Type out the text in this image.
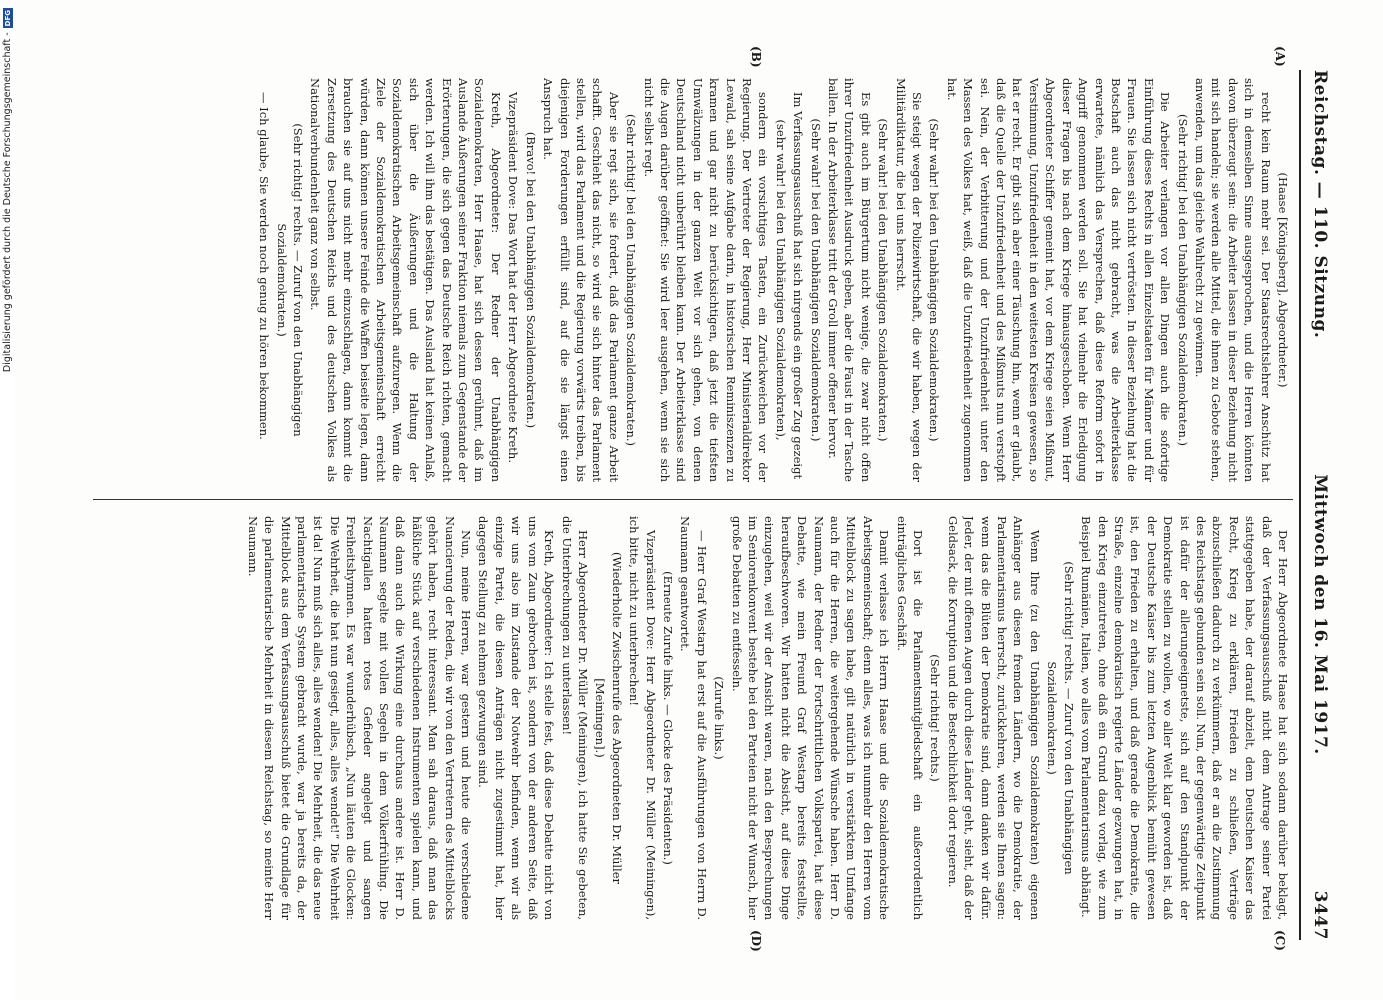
Reichstag. — 110. Sitzung.
Mittwoch den 16. Mai 1917.
3447
(A)
(B)
(C)
(D)

(Haase [Königsberg], Abgeordneter.)

recht kein Raum mehr sei. Der Staatsrechtslehrer Anschütz hat sich in demselben Sinne ausgesprochen, und die Herren könnten davon überzeugt sein: die Arbeiter lassen in dieser Beziehung nicht mit sich handeln; sie werden alle Mittel, die ihnen zu Gebote stehen, anwenden, um das gleiche Wahlrecht zu gewinnen.

(Sehr richtig! bei den Unabhängigen Sozialdemokraten.)

Die Arbeiter verlangen vor allen Dingen auch die sofortige Einführung dieses Rechts in allen Einzelstaaten für Männer und für Frauen. Sie lassen sich nicht vertrösten. In dieser Beziehung hat die Botschaft auch das nicht gebracht, was die Arbeiterklasse erwartete, nämlich das Versprechen, daß diese Reform sofort in Angriff genommen werden soll. Sie hat vielmehr die Erledigung dieser Fragen bis nach dem Kriege hinausgeschoben. Wenn Herr Abgeordneter Schiffer gemeint hat, vor dem Kriege seien Mißmut, Verstimmung, Unzufriedenheit in den weitesten Kreisen gewesen, so hat er recht. Er gibt sich aber einer Täuschung hin, wenn er glaubt, daß die Quelle der Unzufriedenheit und des Mißmuts nun verstopft sei. Nein, der Verbitterung und der Unzufriedenheit unter den Massen des Volkes hat, weiß, daß die Unzufriedenheit zugenommen hat.

(Sehr wahr! bei den Unabhängigen Sozialdemokraten.)

Sie steigt wegen der Polizeiwirtschaft, die wir haben, wegen der Militärdiktatur, die bei uns herrscht.

(Sehr wahr! bei den Unabhängigen Sozialdemokraten.)

Es gibt auch im Bürgertum nicht wenige, die zwar nicht offen ihrer Unzufriedenheit Ausdruck geben, aber die Faust in der Tasche ballen. In der Arbeiterklasse tritt der Groll immer offener hervor.

(Sehr wahr! bei den Unabhängigen Sozialdemokraten.)

Im Verfassungsausschuß hat sich nirgends ein großer Zug gezeigt

(sehr wahr! bei den Unabhängigen Sozialdemokraten),

sondern ein vorsichtiges Tasten, ein Zurückweichen vor der Regierung. Der Vertreter der Regierung, Herr Ministerialdirektor Lewald, sah seine Aufgabe darin, in historischen Reminiszenzen zu kramen und gar nicht zu berücksichtigen, daß jetzt die tiefsten Umwälzungen in der ganzen Welt vor sich gehen, von denen Deutschland nicht unberührt bleiben kann. Der Arbeiterklasse sind die Augen darüber geöffnet: Sie wird leer ausgehen, wenn sie sich nicht selbst regt.

(Sehr richtig! bei den Unabhängigen Sozialdemokraten.)

Aber sie regt sich, sie fordert, daß das Parlament ganze Arbeit schafft. Geschieht das nicht, so wird sie sich hinter das Parlament stellen, wird das Parlament und die Regierung vorwärts treiben, bis diejenigen Forderungen erfüllt sind, auf die sie längst einen Anspruch hat.

(Bravo! bei den Unabhängigen Sozialdemokraten.)

Vizepräsident Dove: Das Wort hat der Herr Abgeordnete Kreth.

Kreth, Abgeordneter: Der Redner der Unabhängigen Sozialdemokraten, Herr Haase, hat sich dessen gerühmt, daß im Auslande Äußerungen seiner Fraktion niemals zum Gegenstande der Erörterungen, die sich gegen das Deutsche Reich richten, gemacht werden. Ich will ihm das bestätigen. Das Ausland hat keinen Anlaß, sich über die Äußerungen und die Haltung der Sozialdemokratischen Arbeitsgemeinschaft aufzuregen. Wenn die Ziele der Sozialdemokratischen Arbeitsgemeinschaft erreicht würden, dann können unsere Feinde die Waffen beiseite legen, dann brauchen sie auf uns nicht mehr einzuschlagen, dann kommt die Zersetzung des Deutschen Reichs und des deutschen Volkes als Nationalverbundenheit ganz von selbst.

(Sehr richtig! rechts. — Zuruf von den Unabhängigen Sozialdemokraten.)

— Ich glaube, Sie werden noch genug zu hören bekommen.

Der Herr Abgeordnete Haase hat sich sodann darüber beklagt, daß der Verfassungsausschuß nicht dem Antrage seiner Partei stattgegeben habe, der darauf abzielt, dem Deutschen Kaiser das Recht, Krieg zu erklären, Frieden zu schließen, Verträge abzuschließen dadurch zu verkümmern, daß er an die Zustimmung des Reichstags gebunden sein soll. Nun, der gegenwärtige Zeitpunkt ist dafür der allerungeeignetste, sich auf den Standpunkt der Demokratie stellen zu wollen, wo aller Welt klar geworden ist, daß der Deutsche Kaiser bis zum letzten Augenblick bemüht gewesen ist, den Frieden zu erhalten, und daß gerade die Demokratie, die Straße, einzelne demokratisch regierte Länder gezwungen hat, in den Krieg einzutreten, ohne daß ein Grund dazu vorlag, wie zum Beispiel Rumänien, Italien, wo alles vom Parlamentarismus abhängt.

(Sehr richtig! rechts. — Zuruf von den Unabhängigen Sozialdemokraten.)

Wenn Ihre (zu den Unabhängigen Sozialdemokraten) eigenen Anhänger aus diesen fremden Ländern, wo die Demokratie, der Parlamentarismus herrscht, zurückkehren, werden sie Ihnen sagen: wenn das die Blüten der Demokratie sind, dann danken wir dafür. Jeder, der mit offenen Augen durch diese Länder geht, sieht, daß der Geldsack, die Korruption und die Bestechlichkeit dort regieren.

(Sehr richtig! rechts.)

Dort ist die Parlamentsmitgliedschaft ein außerordentlich einträgliches Geschäft.

Damit verlasse ich Herrn Haase und die Sozialdemokratische Arbeitsgemeinschaft; denn alles, was ich nunmehr den Herren vom Mittelblock zu sagen habe, gilt natürlich in verstärktem Umfange auch für die Herren, die weitergehende Wünsche haben. Herr D. Naumann, der Redner der Fortschrittlichen Volkspartei, hat diese Debatte, wie mein Freund Graf Westarp bereits feststellte, heraufbeschworen. Wir hatten nicht die Absicht, auf diese Dinge einzugehen, weil wir der Ansicht waren, nach den Besprechungen im Seniorenkonvent bestehe bei den Parteien nicht der Wunsch, hier große Debatten zu entfesseln.

(Zurufe links.)

— Herr Graf Westarp hat erst auf die Ausführungen von Herrn D. Naumann geantwortet.

(Erneute Zurufe links. — Glocke des Präsidenten.)

Vizepräsident Dove: Herr Abgeordneter Dr. Müller (Meiningen), ich bitte, nicht zu unterbrechen!

(Wiederholte Zwischenrufe des Abgeordneten Dr. Müller [Meiningen].)

Herr Abgeordneter Dr. Müller (Meiningen), ich hatte Sie gebeten, die Unterbrechungen zu unterlassen!

Kreth, Abgeordneter: Ich stelle fest, daß diese Debatte nicht von uns vom Zaun gebrochen ist, sondern von der anderen Seite, daß wir uns also im Zustande der Notwehr befinden, wenn wir als einzige Partei, die diesen Anträgen nicht zugestimmt hat, hier dagegen Stellung zu nehmen gezwungen sind.

Nun, meine Herren, war gestern und heute die verschiedene Nuancierung der Reden, die wir von den Vertretern des Mittelblocks gehört haben, recht interessant. Man sah daraus, daß man das häßliche Stück auf verschiedenen Instrumenten spielen kann, und daß dann auch die Wirkung eine durchaus andere ist. Herr D. Naumann segelte mit vollen Segeln in dem Völkerfrühling. Die Nachtigallen hatten rotes Gefieder angelegt und sangen Freiheitshymnen. Es war wunderhübsch, „Nun läuten die Glocken: Die Wehrheit, die hat nun gesiegt, alles, alles wendet!“ Die Wehrheit ist da! Nun muß sich alles, alles wenden! Die Mehrheit, die das neue parlamentarische System gebracht wurde, war ja bereits da, der Mittelblock aus dem Verfassungsausschuß bietet die Grundlage für die parlamentarische Mehrheit in diesem Reichstag, so meinte Herr Naumann.

Digitalisierung gefördert durch die Deutsche Forschungsgemeinschaft -
DFG
